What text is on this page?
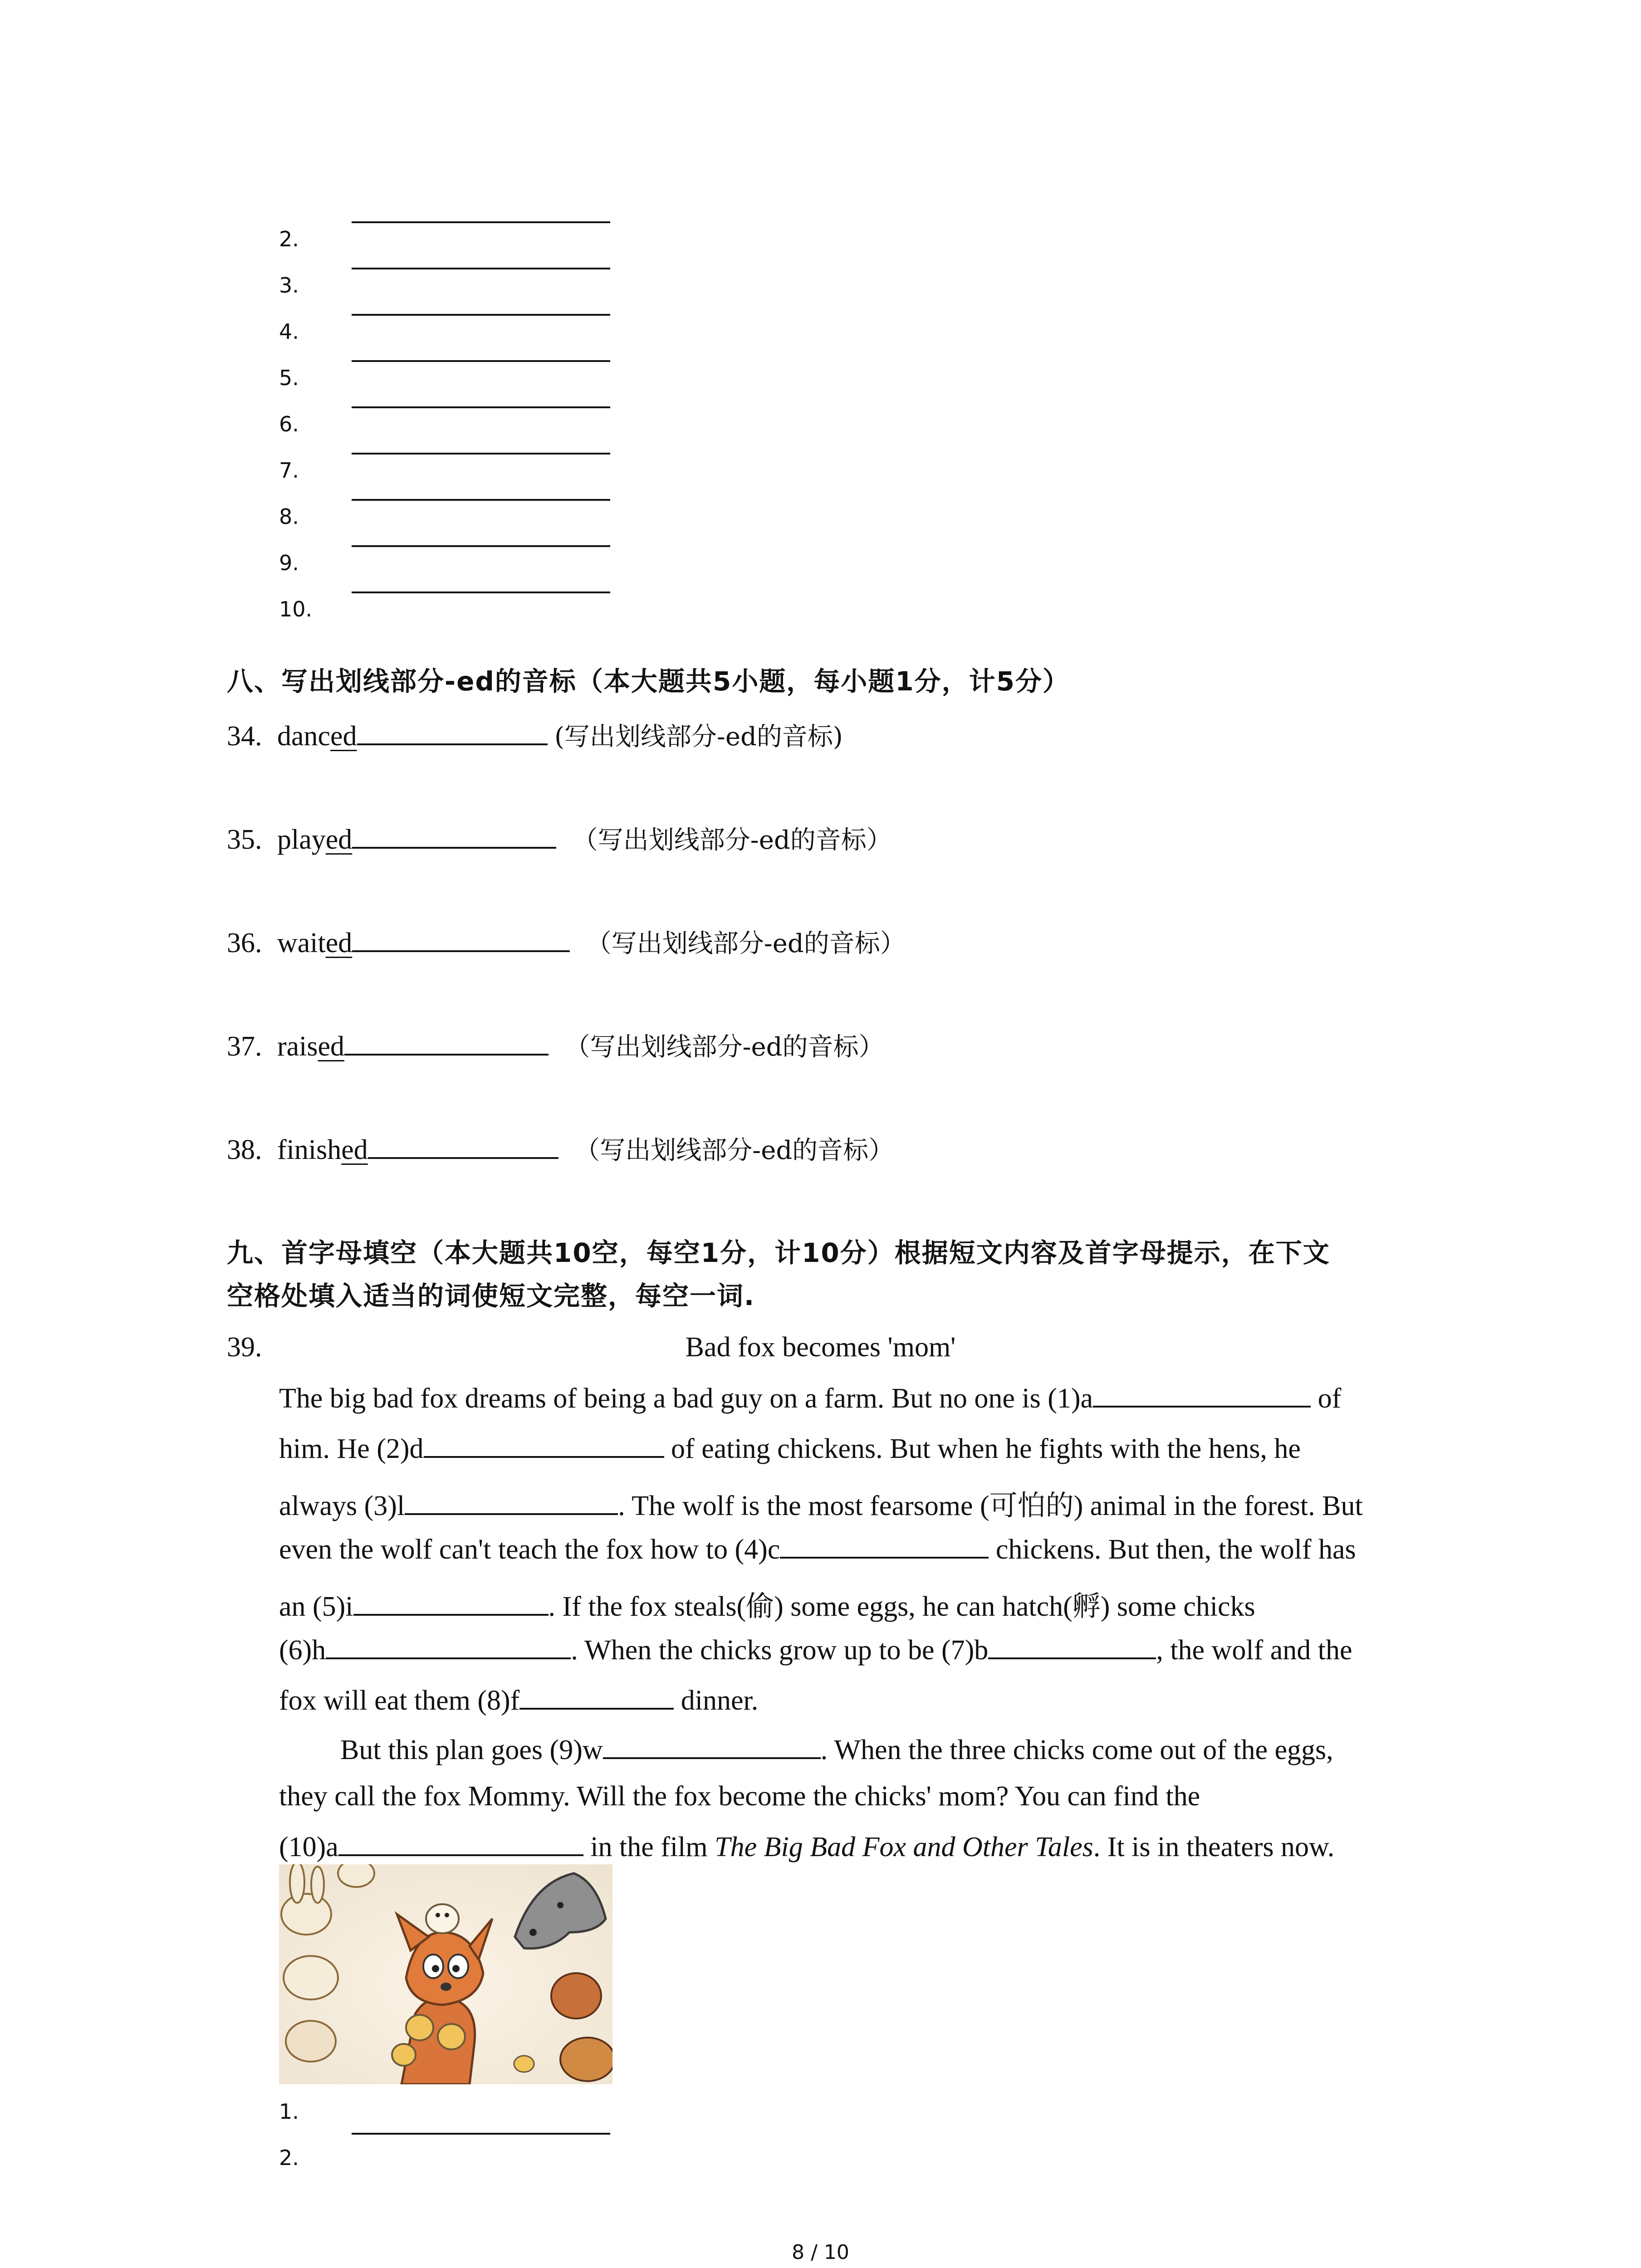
2.
3.
4.
5.
6.
7.
8.
9.
10.
八、写出划线部分-ed的音标（本大题共5小题，每小题1分，计5分）
34. danced	(写出划线部分-ed的音标)
35. played	（写出划线部分-ed的音标）
36. waited	（写出划线部分-ed的音标）
37. raised	（写出划线部分-ed的音标）
38. finished	（写出划线部分-ed的音标）
九、首字母填空（本大题共10空，每空1分，计10分）根据短文内容及首字母提示，在下文
空格处填入适当的词使短文完整，每空一词.
39.	Bad fox becomes 'mom'
The big bad fox dreams of being a bad guy on a farm. But no one is (1)a	of
him. He (2)d	of eating chickens. But when he fights with the hens, he
always (3)l	. The wolf is the most fearsome (可怕的) animal in the forest. But
even the wolf can't teach the fox how to (4)c	chickens. But then, the wolf has
an (5)i	. If the fox steals(偷) some eggs, he can hatch(孵) some chicks
(6)h	. When the chicks grow up to be (7)b	, the wolf and the
fox will eat them (8)f	dinner.
But this plan goes (9)w	. When the three chicks come out of the eggs,
they call the fox Mommy. Will the fox become the chicks' mom? You can find the
(10)a	in the film The Big Bad Fox and Other Tales. It is in theaters now.
1.
2.
8 / 10
